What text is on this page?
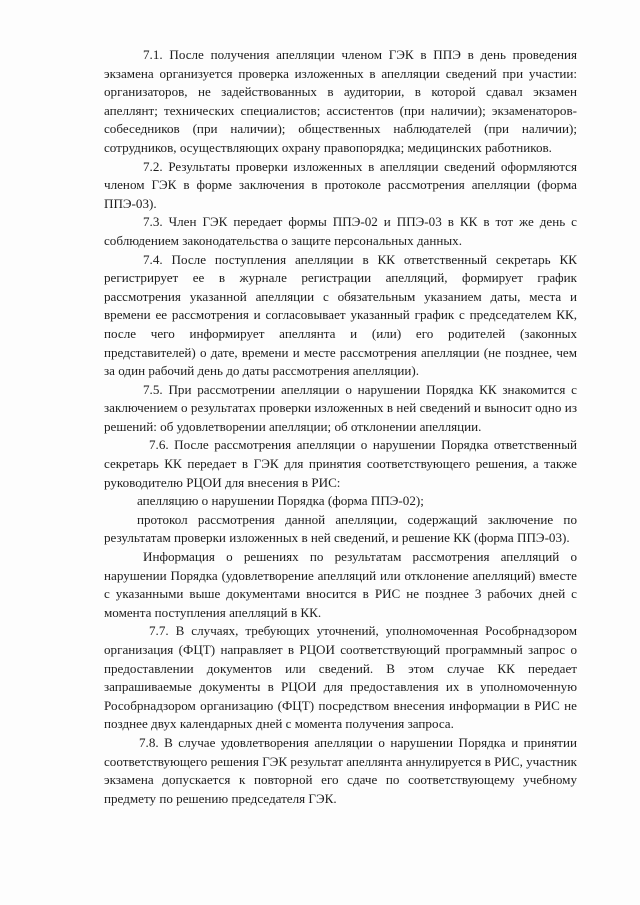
7.1. После получения апелляции членом ГЭК в ППЭ в день проведения экзамена организуется проверка изложенных в апелляции сведений при участии: организаторов, не задействованных в аудитории, в которой сдавал экзамен апеллянт; технических специалистов; ассистентов (при наличии); экзаменаторов-собеседников (при наличии); общественных наблюдателей (при наличии); сотрудников, осуществляющих охрану правопорядка; медицинских работников.

7.2. Результаты проверки изложенных в апелляции сведений оформляются членом ГЭК в форме заключения в протоколе рассмотрения апелляции (форма ППЭ-03).

7.3. Член ГЭК передает формы ППЭ-02 и ППЭ-03 в КК в тот же день с соблюдением законодательства о защите персональных данных.

7.4. После поступления апелляции в КК ответственный секретарь КК регистрирует ее в журнале регистрации апелляций, формирует график рассмотрения указанной апелляции с обязательным указанием даты, места и времени ее рассмотрения и согласовывает указанный график с председателем КК, после чего информирует апеллянта и (или) его родителей (законных представителей) о дате, времени и месте рассмотрения апелляции (не позднее, чем за один рабочий день до даты рассмотрения апелляции).

7.5. При рассмотрении апелляции о нарушении Порядка КК знакомится с заключением о результатах проверки изложенных в ней сведений и выносит одно из решений: об удовлетворении апелляции; об отклонении апелляции.

7.6. После рассмотрения апелляции о нарушении Порядка ответственный секретарь КК передает в ГЭК для принятия соответствующего решения, а также руководителю РЦОИ для внесения в РИС:

апелляцию о нарушении Порядка (форма ППЭ-02);

протокол рассмотрения данной апелляции, содержащий заключение по результатам проверки изложенных в ней сведений, и решение КК (форма ППЭ-03).

Информация о решениях по результатам рассмотрения апелляций о нарушении Порядка (удовлетворение апелляций или отклонение апелляций) вместе с указанными выше документами вносится в РИС не позднее 3 рабочих дней с момента поступления апелляций в КК.

7.7. В случаях, требующих уточнений, уполномоченная Рособрнадзором организация (ФЦТ) направляет в РЦОИ соответствующий программный запрос о предоставлении документов или сведений. В этом случае КК передает запрашиваемые документы в РЦОИ для предоставления их в уполномоченную Рособрнадзором организацию (ФЦТ) посредством внесения информации в РИС не позднее двух календарных дней с момента получения запроса.

7.8. В случае удовлетворения апелляции о нарушении Порядка и принятии соответствующего решения ГЭК результат апеллянта аннулируется в РИС, участник экзамена допускается к повторной его сдаче по соответствующему учебному предмету по решению председателя ГЭК.
